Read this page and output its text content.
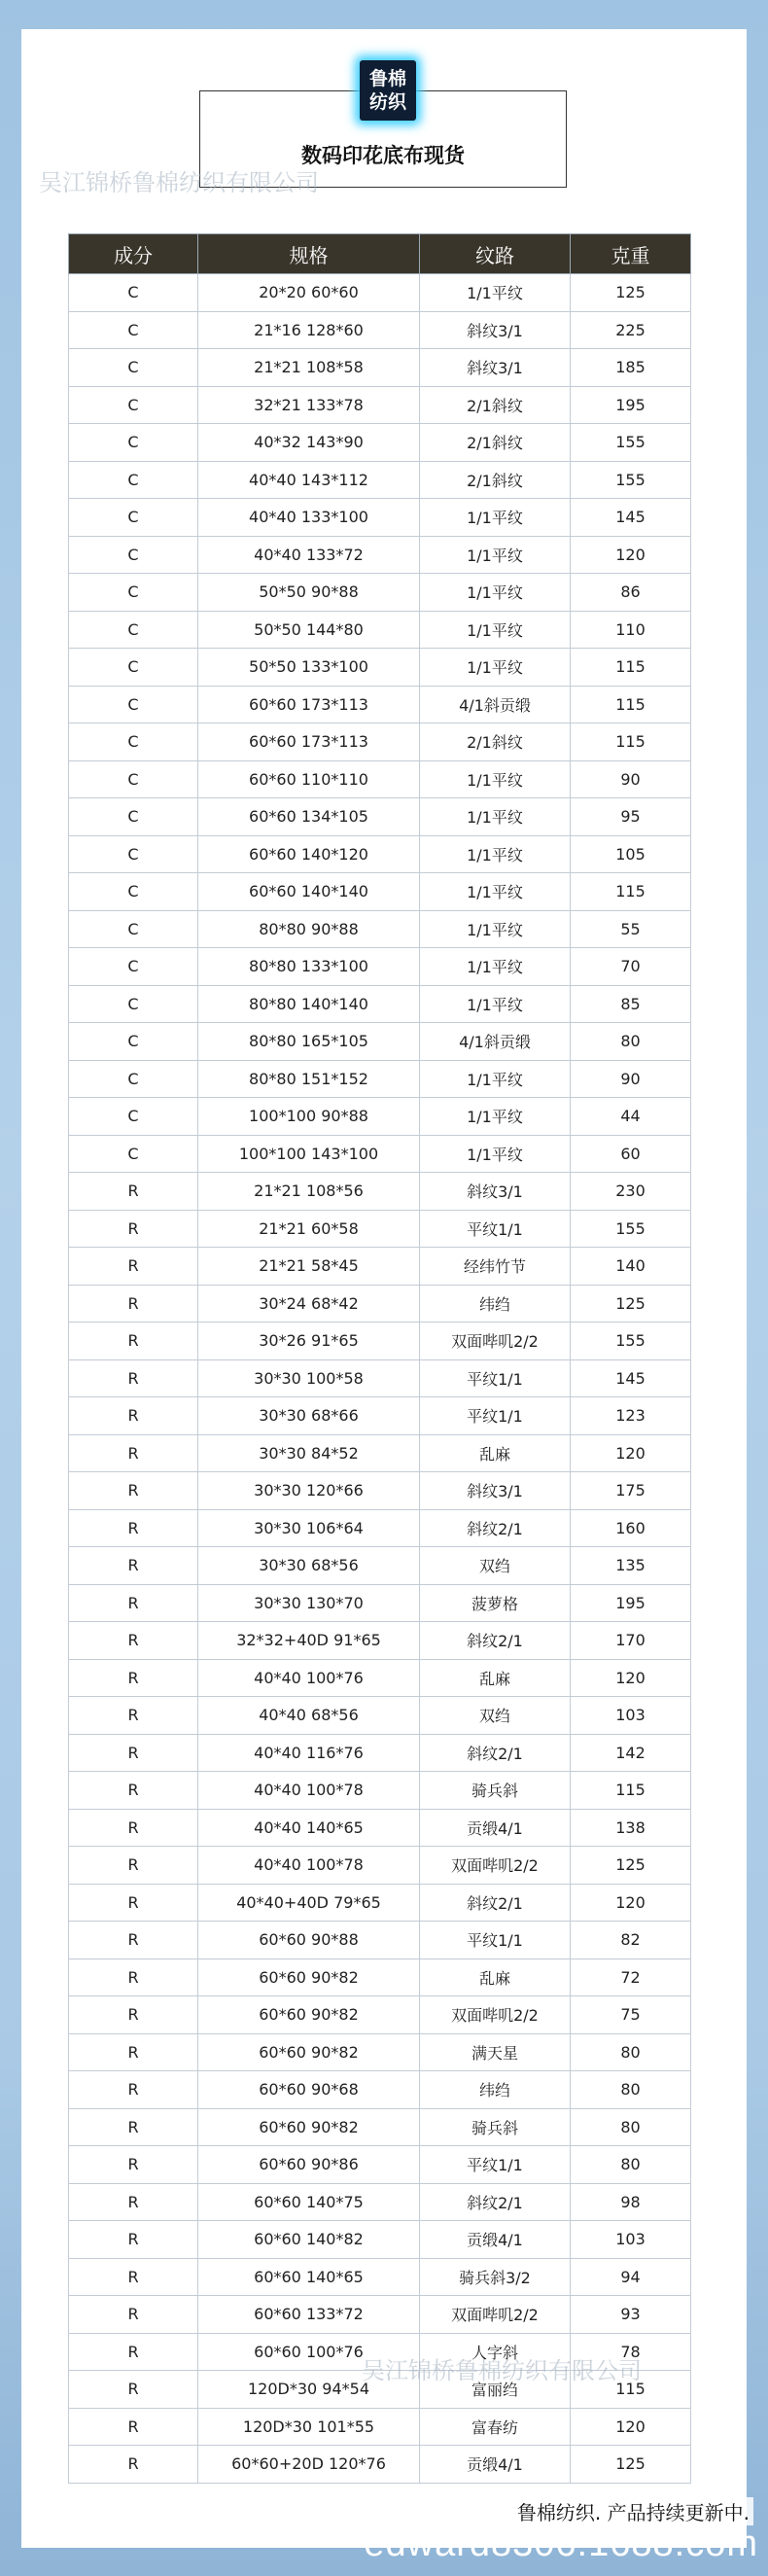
鲁棉
纺织
数码印花底布现货
吴江锦桥鲁棉纺织有限公司
成分	规格	纹路	克重
C	20*20 60*60	1/1平纹	125
C	21*16 128*60	斜纹3/1	225
C	21*21 108*58	斜纹3/1	185
C	32*21 133*78	2/1斜纹	195
C	40*32 143*90	2/1斜纹	155
C	40*40 143*112	2/1斜纹	155
C	40*40 133*100	1/1平纹	145
C	40*40 133*72	1/1平纹	120
C	50*50 90*88	1/1平纹	86
C	50*50 144*80	1/1平纹	110
C	50*50 133*100	1/1平纹	115
C	60*60 173*113	4/1斜贡缎	115
C	60*60 173*113	2/1斜纹	115
C	60*60 110*110	1/1平纹	90
C	60*60 134*105	1/1平纹	95
C	60*60 140*120	1/1平纹	105
C	60*60 140*140	1/1平纹	115
C	80*80 90*88	1/1平纹	55
C	80*80 133*100	1/1平纹	70
C	80*80 140*140	1/1平纹	85
C	80*80 165*105	4/1斜贡缎	80
C	80*80 151*152	1/1平纹	90
C	100*100 90*88	1/1平纹	44
C	100*100 143*100	1/1平纹	60
R	21*21 108*56	斜纹3/1	230
R	21*21 60*58	平纹1/1	155
R	21*21 58*45	经纬竹节	140
R	30*24 68*42	纬绉	125
R	30*26 91*65	双面哔叽2/2	155
R	30*30 100*58	平纹1/1	145
R	30*30 68*66	平纹1/1	123
R	30*30 84*52	乱麻	120
R	30*30 120*66	斜纹3/1	175
R	30*30 106*64	斜纹2/1	160
R	30*30 68*56	双绉	135
R	30*30 130*70	菠萝格	195
R	32*32+40D 91*65	斜纹2/1	170
R	40*40 100*76	乱麻	120
R	40*40 68*56	双绉	103
R	40*40 116*76	斜纹2/1	142
R	40*40 100*78	骑兵斜	115
R	40*40 140*65	贡缎4/1	138
R	40*40 100*78	双面哔叽2/2	125
R	40*40+40D 79*65	斜纹2/1	120
R	60*60 90*88	平纹1/1	82
R	60*60 90*82	乱麻	72
R	60*60 90*82	双面哔叽2/2	75
R	60*60 90*82	满天星	80
R	60*60 90*68	纬绉	80
R	60*60 90*82	骑兵斜	80
R	60*60 90*86	平纹1/1	80
R	60*60 140*75	斜纹2/1	98
R	60*60 140*82	贡缎4/1	103
R	60*60 140*65	骑兵斜3/2	94
R	60*60 133*72	双面哔叽2/2	93
R	60*60 100*76	人字斜	78
R	120D*30 94*54	富丽绉	115
R	120D*30 101*55	富春纺	120
R	60*60+20D 120*76	贡缎4/1	125
吴江锦桥鲁棉纺织有限公司
鲁棉纺织. 产品持续更新中.
edward8306.1688.com
